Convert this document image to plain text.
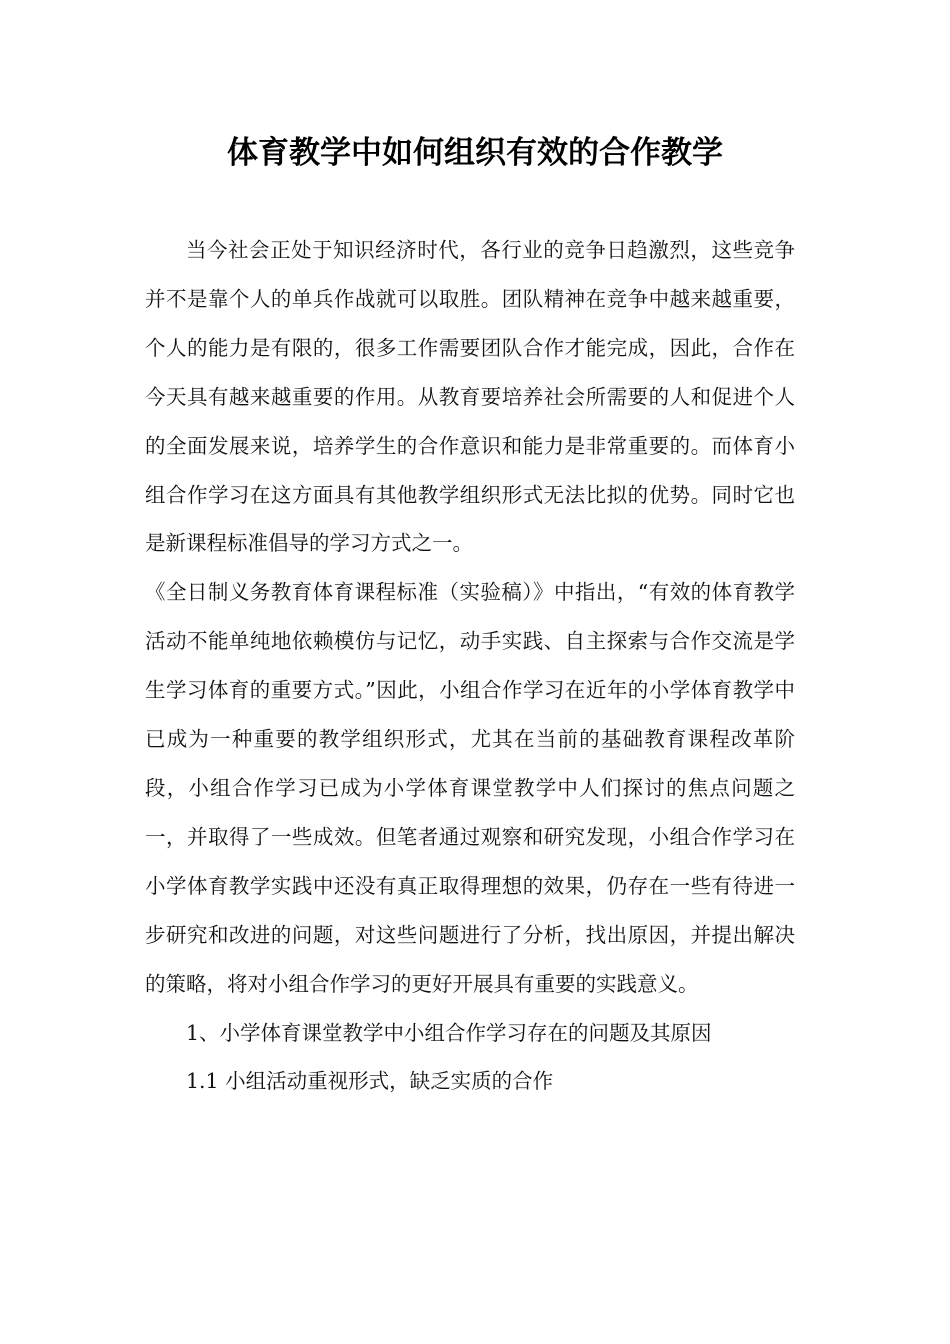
体育教学中如何组织有效的合作教学

当今社会正处于知识经济时代，各行业的竞争日趋激烈，这些竞争并不是靠个人的单兵作战就可以取胜。团队精神在竞争中越来越重要，个人的能力是有限的，很多工作需要团队合作才能完成，因此，合作在今天具有越来越重要的作用。从教育要培养社会所需要的人和促进个人的全面发展来说，培养学生的合作意识和能力是非常重要的。而体育小组合作学习在这方面具有其他教学组织形式无法比拟的优势。同时它也是新课程标准倡导的学习方式之一。

《全日制义务教育体育课程标准（实验稿）》中指出，“有效的体育教学活动不能单纯地依赖模仿与记忆，动手实践、自主探索与合作交流是学生学习体育的重要方式。”因此，小组合作学习在近年的小学体育教学中已成为一种重要的教学组织形式，尤其在当前的基础教育课程改革阶段，小组合作学习已成为小学体育课堂教学中人们探讨的焦点问题之一，并取得了一些成效。但笔者通过观察和研究发现，小组合作学习在小学体育教学实践中还没有真正取得理想的效果，仍存在一些有待进一步研究和改进的问题，对这些问题进行了分析，找出原因，并提出解决的策略，将对小组合作学习的更好开展具有重要的实践意义。

1、小学体育课堂教学中小组合作学习存在的问题及其原因

1.1 小组活动重视形式，缺乏实质的合作
